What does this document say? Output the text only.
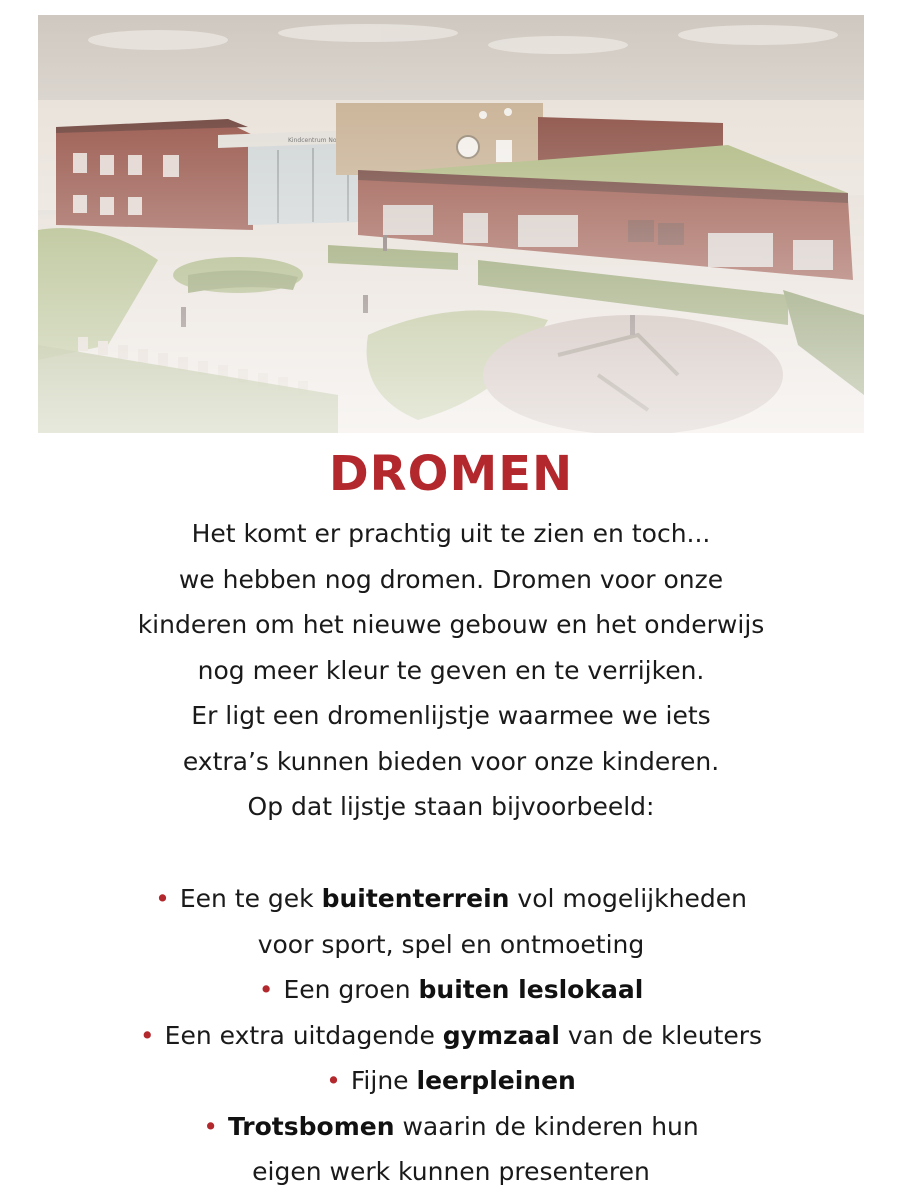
DROMEN
Het komt er prachtig uit te zien en toch...
we hebben nog dromen. Dromen voor onze
kinderen om het nieuwe gebouw en het onderwijs
nog meer kleur te geven en te verrijken.
Er ligt een dromenlijstje waarmee we iets
extra’s kunnen bieden voor onze kinderen.
Op dat lijstje staan bijvoorbeeld:
• Een te gek buitenterrein vol mogelijkheden
voor sport, spel en ontmoeting
• Een groen buiten leslokaal
• Een extra uitdagende gymzaal van de kleuters
• Fijne leerpleinen
• Trotsbomen waarin de kinderen hun
eigen werk kunnen presenteren
